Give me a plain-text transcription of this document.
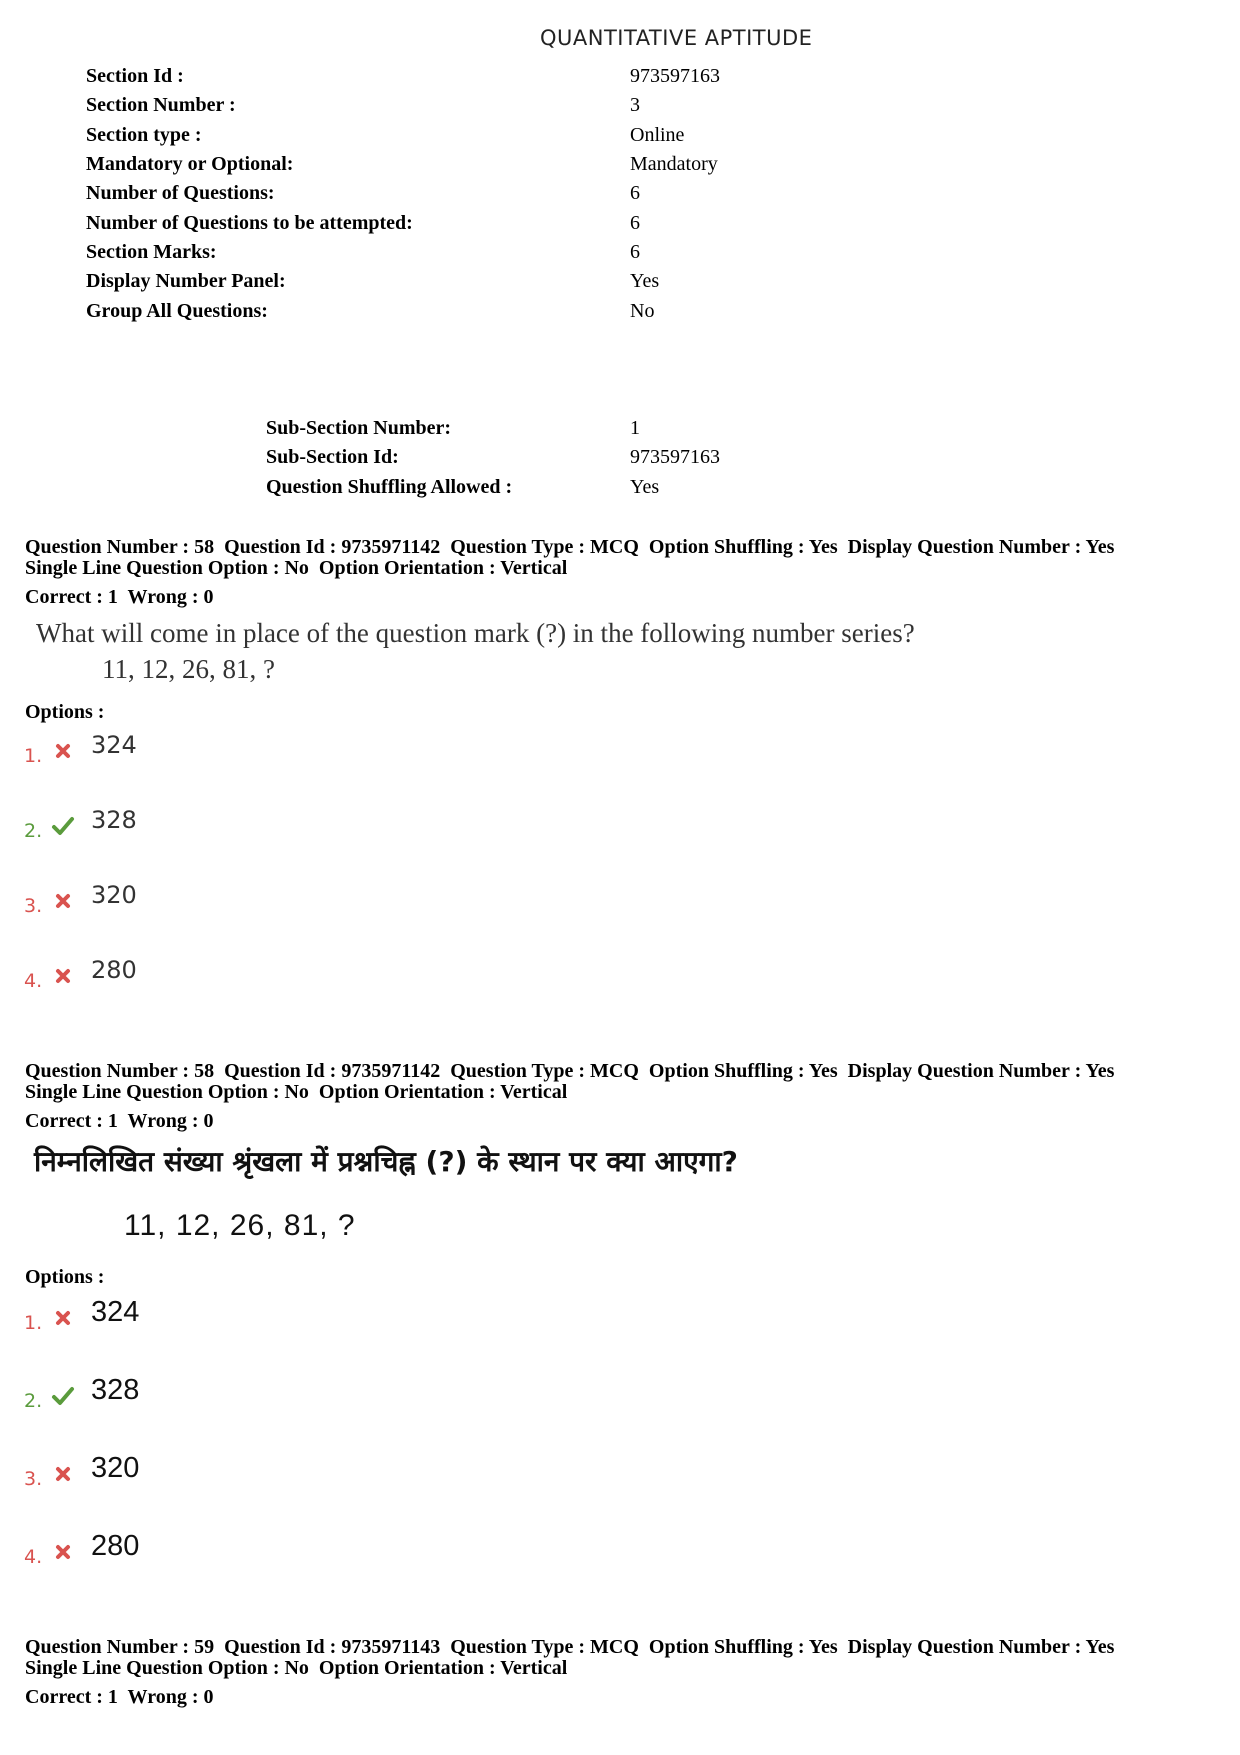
QUANTITATIVE APTITUDE
Section Id :	973597163
Section Number :	3
Section type :	Online
Mandatory or Optional:	Mandatory
Number of Questions:	6
Number of Questions to be attempted:	6
Section Marks:	6
Display Number Panel:	Yes
Group All Questions:	No
Sub-Section Number:	1
Sub-Section Id:	973597163
Question Shuffling Allowed :	Yes
Question Number : 58  Question Id : 9735971142  Question Type : MCQ  Option Shuffling : Yes  Display Question Number : Yes
Single Line Question Option : No  Option Orientation : Vertical
Correct : 1  Wrong : 0
What will come in place of the question mark (?) in the following number series?
11, 12, 26, 81, ?
Options :
1. 324
2. 328
3. 320
4. 280
Question Number : 58  Question Id : 9735971142  Question Type : MCQ  Option Shuffling : Yes  Display Question Number : Yes
Single Line Question Option : No  Option Orientation : Vertical
Correct : 1  Wrong : 0
निम्नलिखित संख्या श्रृंखला में प्रश्नचिह्न (?) के स्थान पर क्या आएगा?
11, 12, 26, 81, ?
Options :
1. 324
2. 328
3. 320
4. 280
Question Number : 59  Question Id : 9735971143  Question Type : MCQ  Option Shuffling : Yes  Display Question Number : Yes
Single Line Question Option : No  Option Orientation : Vertical
Correct : 1  Wrong : 0
